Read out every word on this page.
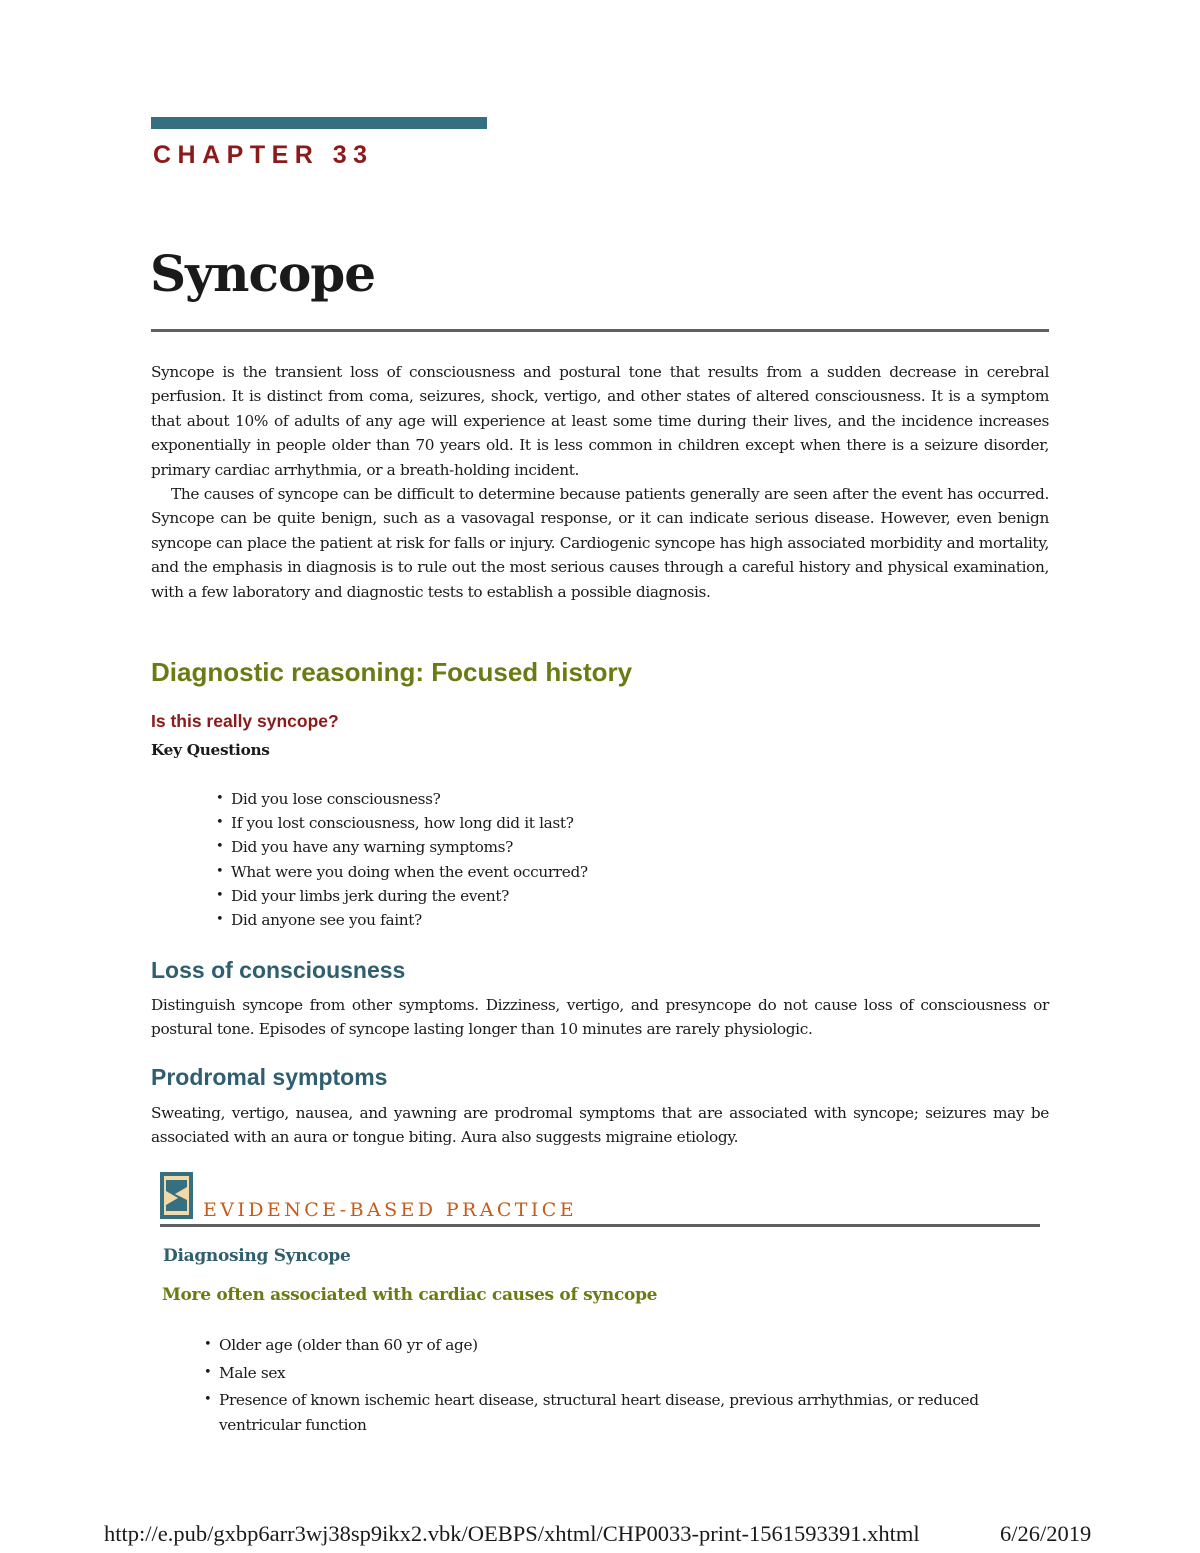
CHAPTER 33
Syncope

Syncope is the transient loss of consciousness and postural tone that results from a sudden decrease in cerebral perfusion. It is distinct from coma, seizures, shock, vertigo, and other states of altered consciousness. It is a symptom that about 10% of adults of any age will experience at least some time during their lives, and the incidence increases exponentially in people older than 70 years old. It is less common in children except when there is a seizure disorder, primary cardiac arrhythmia, or a breath-holding incident.

The causes of syncope can be difficult to determine because patients generally are seen after the event has occurred. Syncope can be quite benign, such as a vasovagal response, or it can indicate serious disease. However, even benign syncope can place the patient at risk for falls or injury. Cardiogenic syncope has high associated morbidity and mortality, and the emphasis in diagnosis is to rule out the most serious causes through a careful history and physical examination, with a few laboratory and diagnostic tests to establish a possible diagnosis.

Diagnostic reasoning: Focused history
Is this really syncope?
Key Questions
• Did you lose consciousness?
• If you lost consciousness, how long did it last?
• Did you have any warning symptoms?
• What were you doing when the event occurred?
• Did your limbs jerk during the event?
• Did anyone see you faint?
Loss of consciousness

Distinguish syncope from other symptoms. Dizziness, vertigo, and presyncope do not cause loss of consciousness or postural tone. Episodes of syncope lasting longer than 10 minutes are rarely physiologic.

Prodromal symptoms

Sweating, vertigo, nausea, and yawning are prodromal symptoms that are associated with syncope; seizures may be associated with an aura or tongue biting. Aura also suggests migraine etiology.

EVIDENCE-BASED PRACTICE
Diagnosing Syncope
More often associated with cardiac causes of syncope
• Older age (older than 60 yr of age)
• Male sex
• Presence of known ischemic heart disease, structural heart disease, previous arrhythmias, or reduced ventricular function
http://e.pub/gxbp6arr3wj38sp9ikx2.vbk/OEBPS/xhtml/CHP0033-print-1561593391.xhtml	6/26/2019
